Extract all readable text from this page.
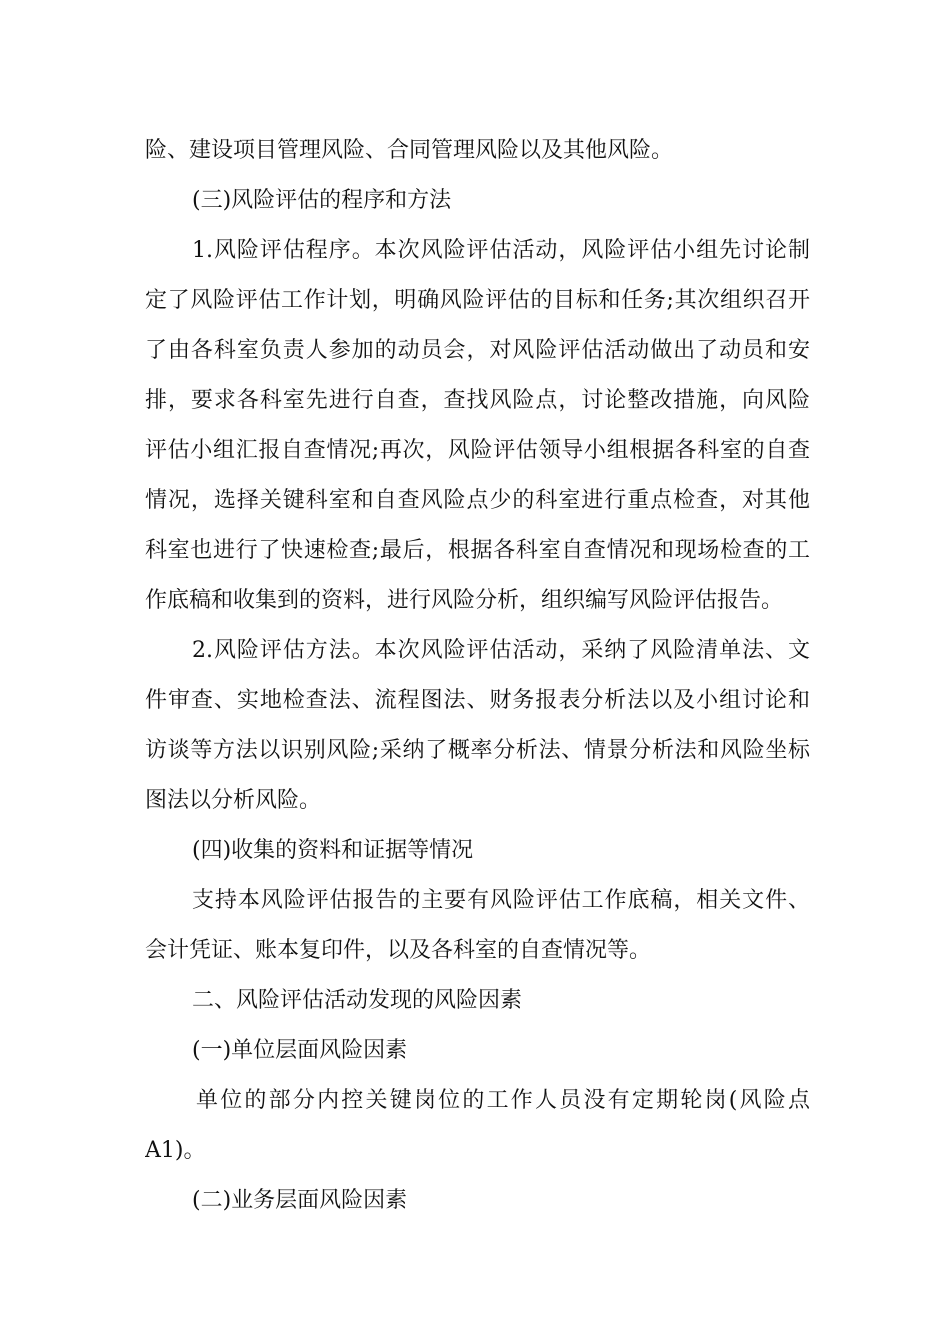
险、建设项目管理风险、合同管理风险以及其他风险。
(三)风险评估的程序和方法
1.风险评估程序。本次风险评估活动，风险评估小组先讨论制
定了风险评估工作计划，明确风险评估的目标和任务;其次组织召开
了由各科室负责人参加的动员会，对风险评估活动做出了动员和安
排，要求各科室先进行自查，查找风险点，讨论整改措施，向风险
评估小组汇报自查情况;再次，风险评估领导小组根据各科室的自查
情况，选择关键科室和自查风险点少的科室进行重点检查，对其他
科室也进行了快速检查;最后，根据各科室自查情况和现场检查的工
作底稿和收集到的资料，进行风险分析，组织编写风险评估报告。
2.风险评估方法。本次风险评估活动，采纳了风险清单法、文
件审查、实地检查法、流程图法、财务报表分析法以及小组讨论和
访谈等方法以识别风险;采纳了概率分析法、情景分析法和风险坐标
图法以分析风险。
(四)收集的资料和证据等情况
支持本风险评估报告的主要有风险评估工作底稿，相关文件、
会计凭证、账本复印件，以及各科室的自查情况等。
二、风险评估活动发现的风险因素
(一)单位层面风险因素
单位的部分内控关键岗位的工作人员没有定期轮岗(风险点
A1)。
(二)业务层面风险因素
